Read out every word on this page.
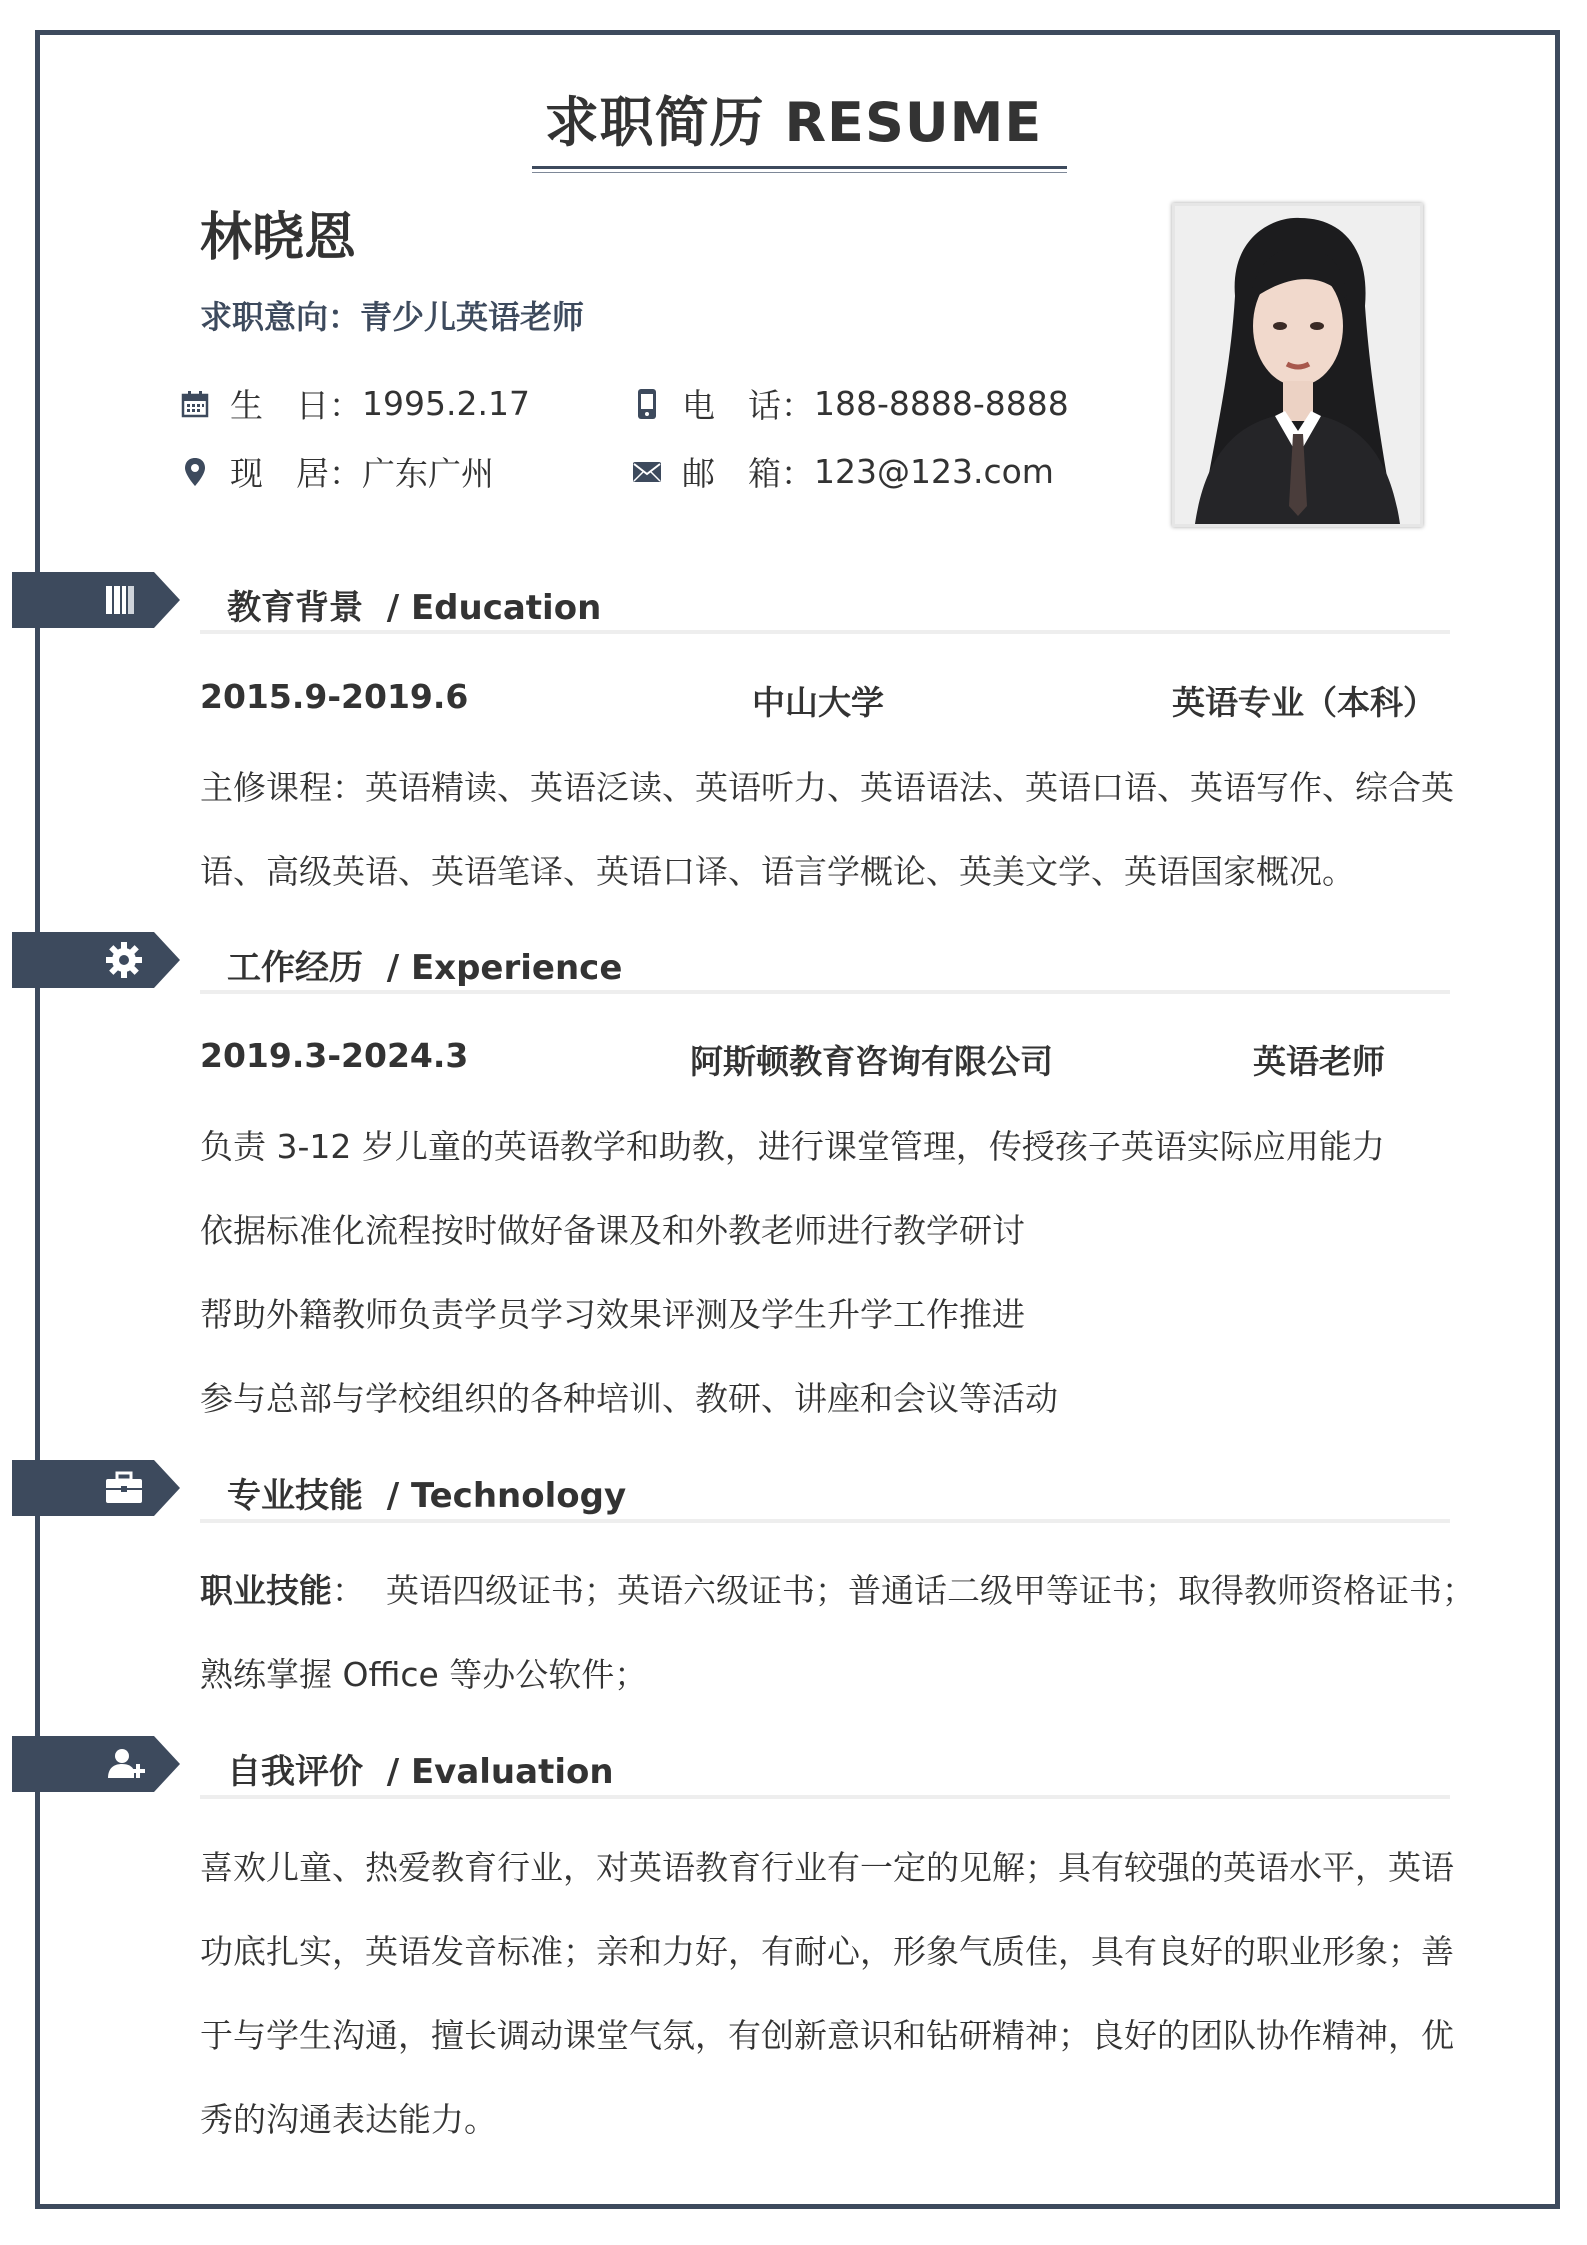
求职简历 RESUME
林晓恩
求职意向：青少儿英语老师
生　日： 1995.2.17	电　话： 188-8888-8888
现　居： 广东广州	邮　箱： 123@123.com
教育背景 / Education
2015.9-2019.6	中山大学	英语专业（本科）
主修课程：英语精读、英语泛读、英语听力、英语语法、英语口语、英语写作、综合英
语、高级英语、英语笔译、英语口译、语言学概论、英美文学、英语国家概况。
工作经历 / Experience
2019.3-2024.3	阿斯顿教育咨询有限公司	英语老师
负责 3-12 岁儿童的英语教学和助教，进行课堂管理，传授孩子英语实际应用能力
依据标准化流程按时做好备课及和外教老师进行教学研讨
帮助外籍教师负责学员学习效果评测及学生升学工作推进
参与总部与学校组织的各种培训、教研、讲座和会议等活动
专业技能 / Technology
职业技能： 英语四级证书；英语六级证书；普通话二级甲等证书；取得教师资格证书；
熟练掌握 Office 等办公软件；
自我评价 / Evaluation
喜欢儿童、热爱教育行业，对英语教育行业有一定的见解；具有较强的英语水平，英语
功底扎实，英语发音标准；亲和力好，有耐心，形象气质佳，具有良好的职业形象；善
于与学生沟通，擅长调动课堂气氛，有创新意识和钻研精神；良好的团队协作精神，优
秀的沟通表达能力。
